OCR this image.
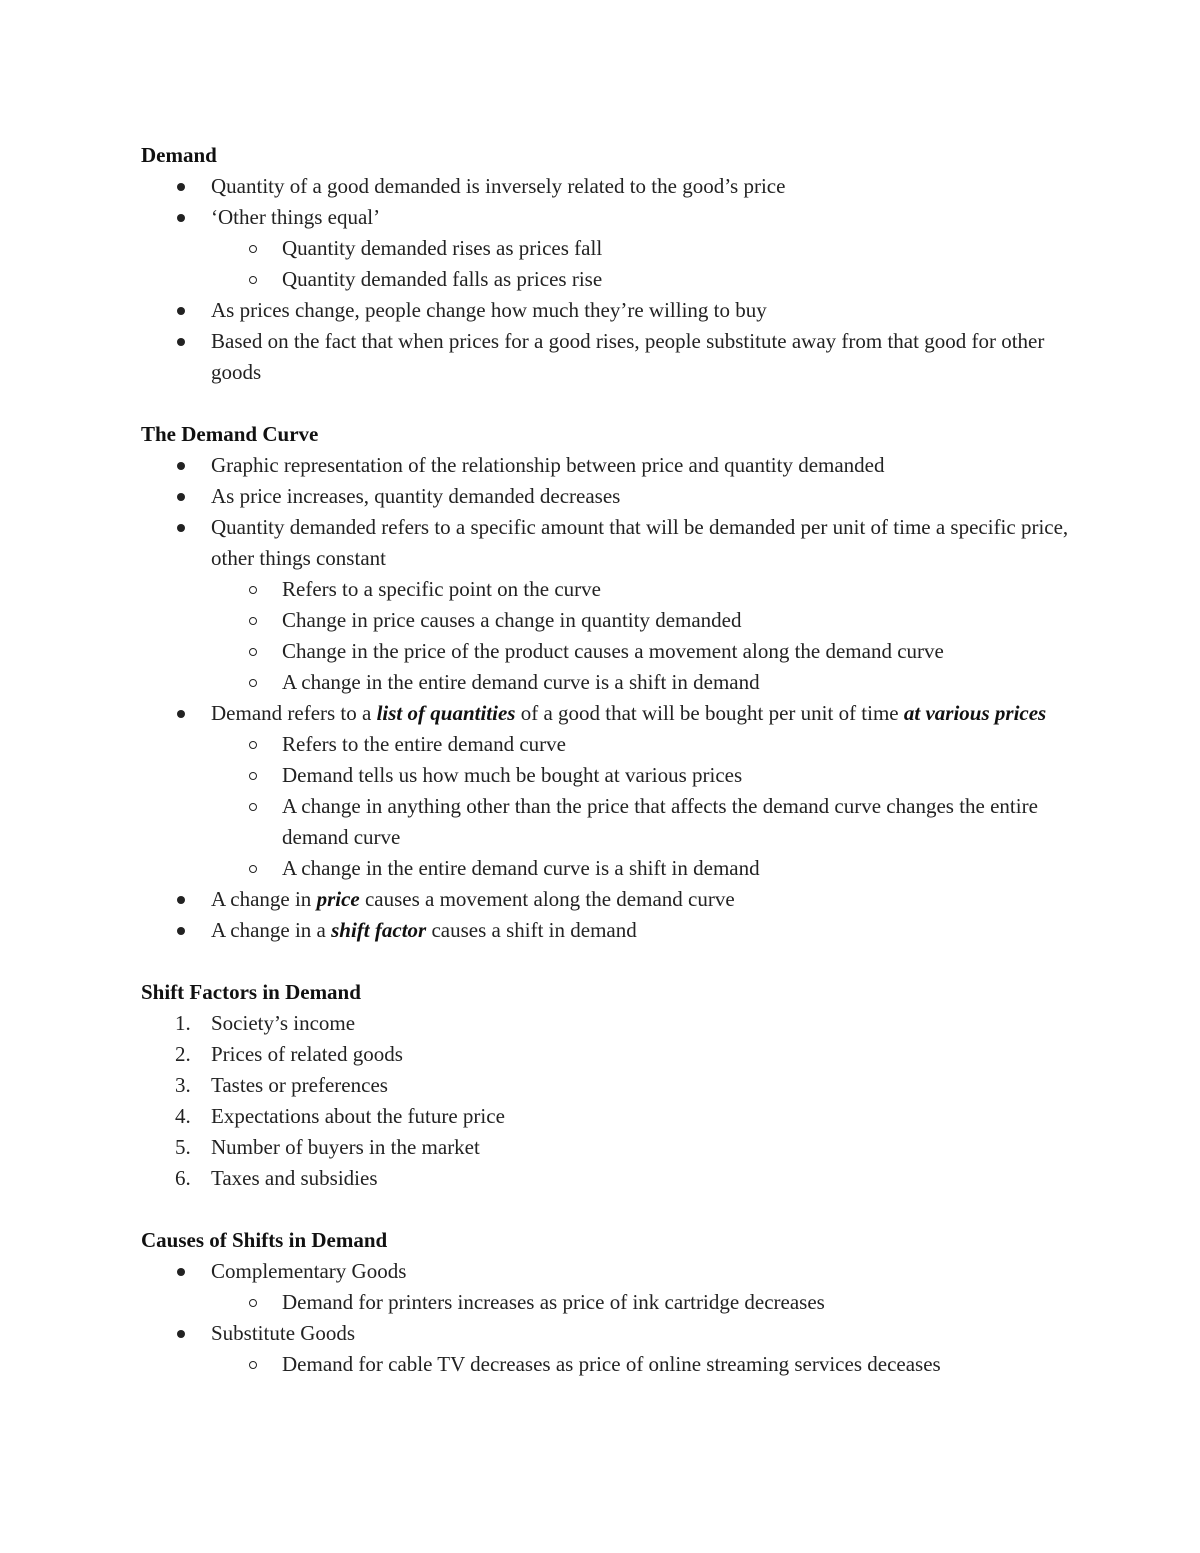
Demand
Quantity of a good demanded is inversely related to the good’s price
‘Other things equal’
Quantity demanded rises as prices fall
Quantity demanded falls as prices rise
As prices change, people change how much they’re willing to buy
Based on the fact that when prices for a good rises, people substitute away from that good for other goods
The Demand Curve
Graphic representation of the relationship between price and quantity demanded
As price increases, quantity demanded decreases
Quantity demanded refers to a specific amount that will be demanded per unit of time a specific price, other things constant
Refers to a specific point on the curve
Change in price causes a change in quantity demanded
Change in the price of the product causes a movement along the demand curve
A change in the entire demand curve is a shift in demand
Demand refers to a list of quantities of a good that will be bought per unit of time at various prices
Refers to the entire demand curve
Demand tells us how much be bought at various prices
A change in anything other than the price that affects the demand curve changes the entire demand curve
A change in the entire demand curve is a shift in demand
A change in price causes a movement along the demand curve
A change in a shift factor causes a shift in demand
Shift Factors in Demand
1. Society’s income
2. Prices of related goods
3. Tastes or preferences
4. Expectations about the future price
5. Number of buyers in the market
6. Taxes and subsidies
Causes of Shifts in Demand
Complementary Goods
Demand for printers increases as price of ink cartridge decreases
Substitute Goods
Demand for cable TV decreases as price of online streaming services deceases
